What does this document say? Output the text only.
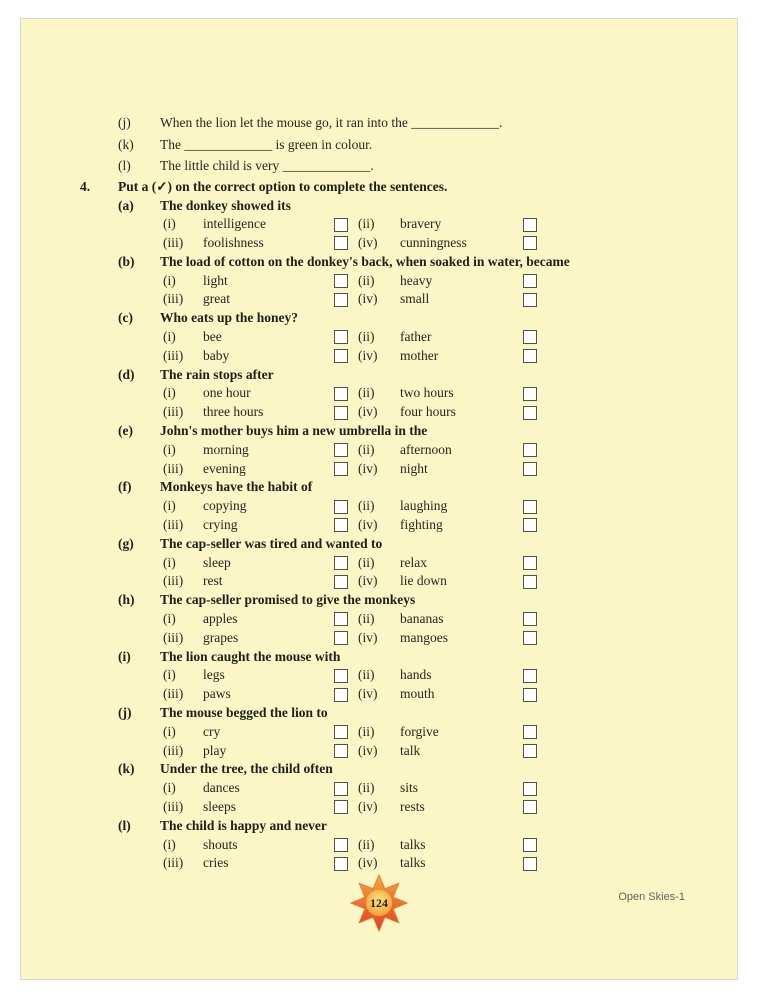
(j)	When the lion let the mouse go, it ran into the _____________.
(k)	The _____________ is green in colour.
(l)	The little child is very _____________.
4.	Put a (✓) on the correct option to complete the sentences.
(a)	The donkey showed its
(i)	intelligence	(ii)	bravery
(iii)	foolishness	(iv)	cunningness
(b)	The load of cotton on the donkey's back, when soaked in water, became
(i)	light	(ii)	heavy
(iii)	great	(iv)	small
(c)	Who eats up the honey?
(i)	bee	(ii)	father
(iii)	baby	(iv)	mother
(d)	The rain stops after
(i)	one hour	(ii)	two hours
(iii)	three hours	(iv)	four hours
(e)	John's mother buys him a new umbrella in the
(i)	morning	(ii)	afternoon
(iii)	evening	(iv)	night
(f)	Monkeys have the habit of
(i)	copying	(ii)	laughing
(iii)	crying	(iv)	fighting
(g)	The cap-seller was tired and wanted to
(i)	sleep	(ii)	relax
(iii)	rest	(iv)	lie down
(h)	The cap-seller promised to give the monkeys
(i)	apples	(ii)	bananas
(iii)	grapes	(iv)	mangoes
(i)	The lion caught the mouse with
(i)	legs	(ii)	hands
(iii)	paws	(iv)	mouth
(j)	The mouse begged the lion to
(i)	cry	(ii)	forgive
(iii)	play	(iv)	talk
(k)	Under the tree, the child often
(i)	dances	(ii)	sits
(iii)	sleeps	(iv)	rests
(l)	The child is happy and never
(i)	shouts	(ii)	talks
(iii)	cries	(iv)	talks
124
Open Skies-1
